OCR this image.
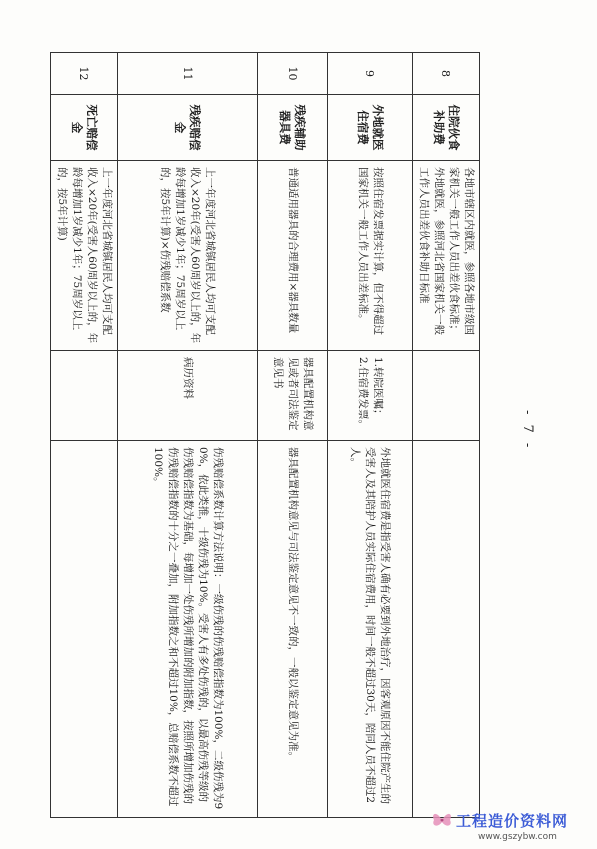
8	住院伙食补助费	各地市辖区内就医，参照各地市级国家机关一般工作人员出差伙食标准；外地就医，参照河北省国家机关一般工作人员出差伙食补助日标准		
9	外地就医住宿费	按照住宿发票据实计算，但不得超过国家机关一般工作人员出差标准。	1.转院医嘱；
2.住宿费发票。	外地就医住宿费是指受害人确有必要到外地治疗，因客观原因不能住院产生的受害人及其陪护人员实际住宿费用，时间一般不超过30天，陪同人员不超过2人。
10	残疾辅助器具费	普通适用器具的合理费用×器具数量	器具配置机构意见或者司法鉴定意见书	器具配置机构意见与司法鉴定意见不一致的，一般以鉴定意见为准。
11	残疾赔偿金	上一年度河北省城镇居民人均可支配收入×20年(受害人60周岁以上的，年龄每增加1岁减少1年；75周岁以上的，按5年计算)×伤残赔偿系数	病历资料	伤残赔偿系数计算方法说明：一级伤残的伤残赔偿指数为100%，二级伤残为90%，依此类推，十级伤残为10%。受害人有多处伤残的，以最高伤残等级的伤残赔偿指数为基础，每增加一处伤残所增加的附加指数，按照所增加伤残的伤残赔偿指数的十分之一叠加，附加指数之和不超过10%，总赔偿系数不超过100%。
12	死亡赔偿金	上一年度河北省城镇居民人均可支配收入×20年(受害人60周岁以上的，年龄每增加1岁减少1年；75周岁以上的，按5年计算)		
- 7 -
工程造价资料网
www.gszybw.com
